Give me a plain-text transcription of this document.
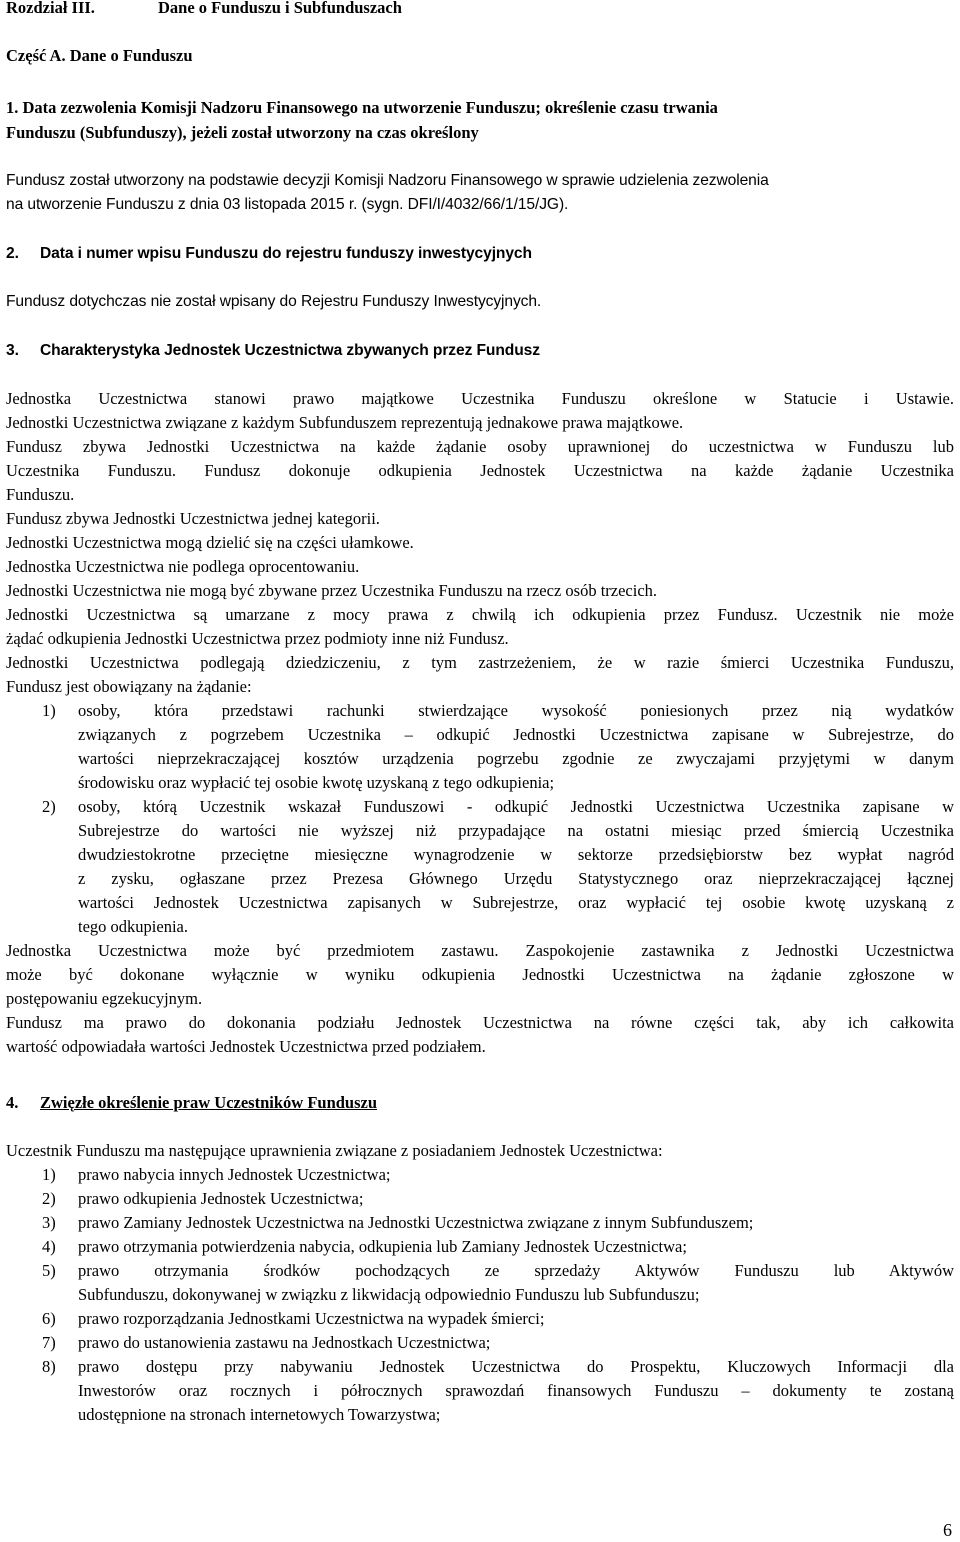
Rozdział III.	Dane o Funduszu i Subfunduszach
Część A. Dane o Funduszu
1. Data zezwolenia Komisji Nadzoru Finansowego na utworzenie Funduszu; określenie czasu trwania
Funduszu (Subfunduszy), jeżeli został utworzony na czas określony
Fundusz został utworzony na podstawie decyzji Komisji Nadzoru Finansowego w sprawie udzielenia zezwolenia
na utworzenie Funduszu z dnia 03 listopada 2015 r. (sygn. DFI/I/4032/66/1/15/JG).
2. Data i numer wpisu Funduszu do rejestru funduszy inwestycyjnych
Fundusz dotychczas nie został wpisany do Rejestru Funduszy Inwestycyjnych.
3. Charakterystyka Jednostek Uczestnictwa zbywanych przez Fundusz
Jednostka Uczestnictwa stanowi prawo majątkowe Uczestnika Funduszu określone w Statucie i Ustawie.
Jednostki Uczestnictwa związane z każdym Subfunduszem reprezentują jednakowe prawa majątkowe.
Fundusz zbywa Jednostki Uczestnictwa na każde żądanie osoby uprawnionej do uczestnictwa w Funduszu lub
Uczestnika Funduszu. Fundusz dokonuje odkupienia Jednostek Uczestnictwa na każde żądanie Uczestnika
Funduszu.
Fundusz zbywa Jednostki Uczestnictwa jednej kategorii.
Jednostki Uczestnictwa mogą dzielić się na części ułamkowe.
Jednostka Uczestnictwa nie podlega oprocentowaniu.
Jednostki Uczestnictwa nie mogą być zbywane przez Uczestnika Funduszu na rzecz osób trzecich.
Jednostki Uczestnictwa są umarzane z mocy prawa z chwilą ich odkupienia przez Fundusz. Uczestnik nie może
żądać odkupienia Jednostki Uczestnictwa przez podmioty inne niż Fundusz.
Jednostki Uczestnictwa podlegają dziedziczeniu, z tym zastrzeżeniem, że w razie śmierci Uczestnika Funduszu,
Fundusz jest obowiązany na żądanie:
1) osoby, która przedstawi rachunki stwierdzające wysokość poniesionych przez nią wydatków
związanych z pogrzebem Uczestnika – odkupić Jednostki Uczestnictwa zapisane w Subrejestrze, do
wartości nieprzekraczającej kosztów urządzenia pogrzebu zgodnie ze zwyczajami przyjętymi w danym
środowisku oraz wypłacić tej osobie kwotę uzyskaną z tego odkupienia;
2) osoby, którą Uczestnik wskazał Funduszowi - odkupić Jednostki Uczestnictwa Uczestnika zapisane w
Subrejestrze do wartości nie wyższej niż przypadające na ostatni miesiąc przed śmiercią Uczestnika
dwudziestokrotne przeciętne miesięczne wynagrodzenie w sektorze przedsiębiorstw bez wypłat nagród
z zysku, ogłaszane przez Prezesa Głównego Urzędu Statystycznego oraz nieprzekraczającej łącznej
wartości Jednostek Uczestnictwa zapisanych w Subrejestrze, oraz wypłacić tej osobie kwotę uzyskaną z
tego odkupienia.
Jednostka Uczestnictwa może być przedmiotem zastawu. Zaspokojenie zastawnika z Jednostki Uczestnictwa
może być dokonane wyłącznie w wyniku odkupienia Jednostki Uczestnictwa na żądanie zgłoszone w
postępowaniu egzekucyjnym.
Fundusz ma prawo do dokonania podziału Jednostek Uczestnictwa na równe części tak, aby ich całkowita
wartość odpowiadała wartości Jednostek Uczestnictwa przed podziałem.
4. Zwięzłe określenie praw Uczestników Funduszu
Uczestnik Funduszu ma następujące uprawnienia związane z posiadaniem Jednostek Uczestnictwa:
1) prawo nabycia innych Jednostek Uczestnictwa;
2) prawo odkupienia Jednostek Uczestnictwa;
3) prawo Zamiany Jednostek Uczestnictwa na Jednostki Uczestnictwa związane z innym Subfunduszem;
4) prawo otrzymania potwierdzenia nabycia, odkupienia lub Zamiany Jednostek Uczestnictwa;
5) prawo otrzymania środków pochodzących ze sprzedaży Aktywów Funduszu lub Aktywów
Subfunduszu, dokonywanej w związku z likwidacją odpowiednio Funduszu lub Subfunduszu;
6) prawo rozporządzania Jednostkami Uczestnictwa na wypadek śmierci;
7) prawo do ustanowienia zastawu na Jednostkach Uczestnictwa;
8) prawo dostępu przy nabywaniu Jednostek Uczestnictwa do Prospektu, Kluczowych Informacji dla
Inwestorów oraz rocznych i półrocznych sprawozdań finansowych Funduszu – dokumenty te zostaną
udostępnione na stronach internetowych Towarzystwa;
6
